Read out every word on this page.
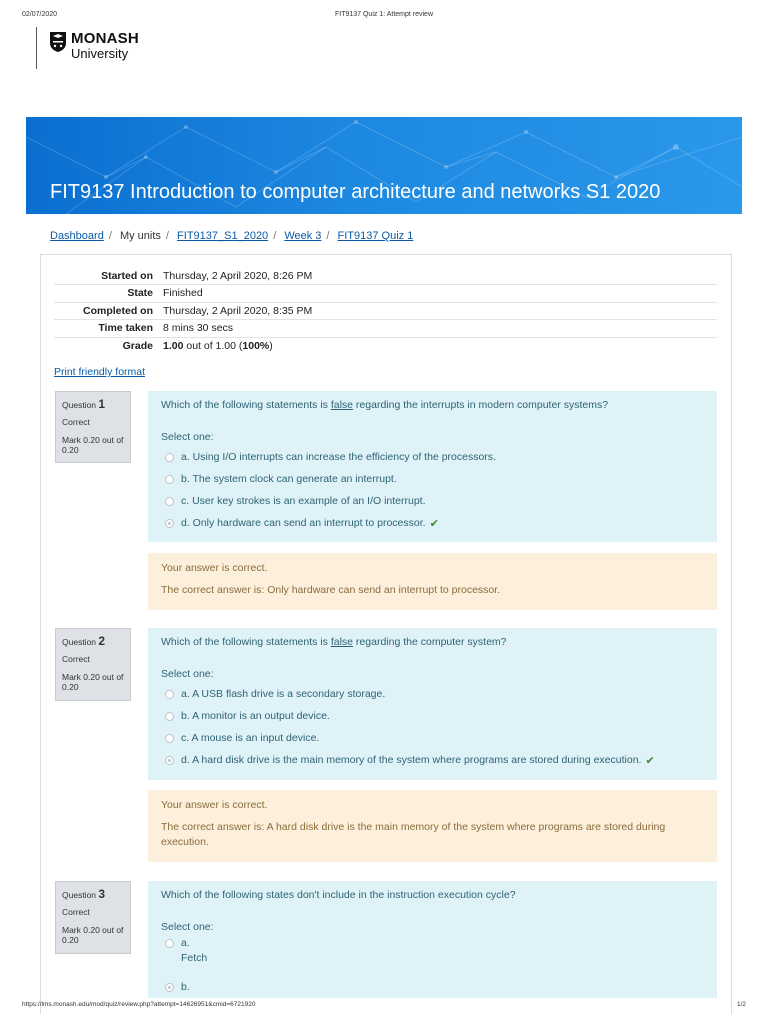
02/07/2020	FIT9137 Quiz 1: Attempt review
MONASH
University
FIT9137 Introduction to computer architecture and networks S1 2020
Dashboard / My units / FIT9137_S1_2020 / Week 3 / FIT9137 Quiz 1
Started on	Thursday, 2 April 2020, 8:26 PM
State	Finished
Completed on	Thursday, 2 April 2020, 8:35 PM
Time taken	8 mins 30 secs
Grade	1.00 out of 1.00 (100%)
Print friendly format
Question 1
Correct
Mark 0.20 out of 0.20
Which of the following statements is false regarding the interrupts in modern computer systems?
Select one:
a. Using I/O interrupts can increase the efficiency of the processors.
b. The system clock can generate an interrupt.
c. User key strokes is an example of an I/O interrupt.
d. Only hardware can send an interrupt to processor. ✔
Your answer is correct.
The correct answer is: Only hardware can send an interrupt to processor.
Question 2
Correct
Mark 0.20 out of 0.20
Which of the following statements is false regarding the computer system?
Select one:
a. A USB flash drive is a secondary storage.
b. A monitor is an output device.
c. A mouse is an input device.
d. A hard disk drive is the main memory of the system where programs are stored during execution. ✔
Your answer is correct.
The correct answer is: A hard disk drive is the main memory of the system where programs are stored during execution.
Question 3
Correct
Mark 0.20 out of 0.20
Which of the following states don't include in the instruction execution cycle?
Select one:
a.
Fetch
b.
https://lms.monash.edu/mod/quiz/review.php?attempt=14626951&cmid=6721920	1/2
